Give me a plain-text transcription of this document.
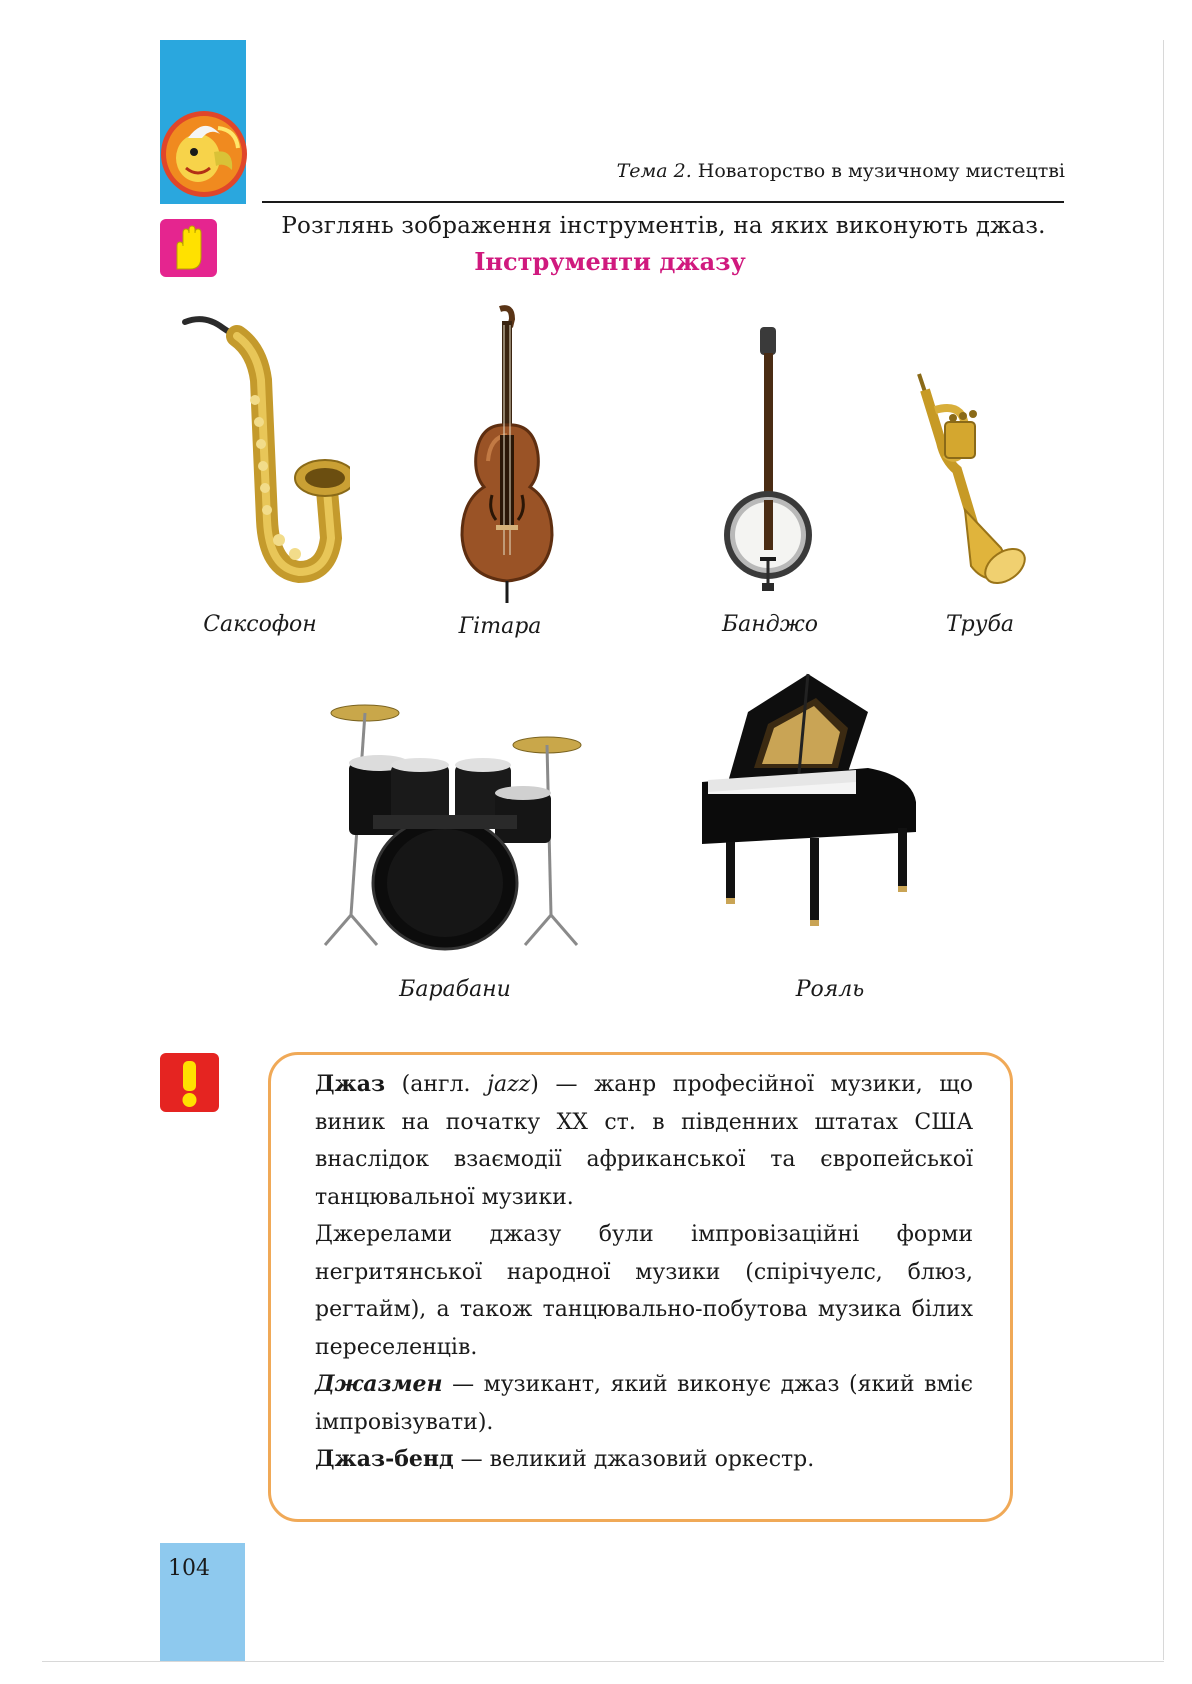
Тема 2. Новаторство в музичному мистецтві
Розглянь зображення інструментів, на яких виконують джаз.
Інструменти джазу
Саксофон	Гітара	Банджо	Труба
Барабани	Рояль

Джаз (англ. jazz) — жанр професійної музики, що виник на початку XX ст. в південних штатах США внаслідок взаємодії африканської та європейської танцювальної музики.

Джерелами джазу були імпровізаційні форми негритянської народної музики (спірічуелс, блюз, регтайм), а також танцювально-побутова музика білих переселенців.

Джазмен — музикант, який виконує джаз (який вміє імпровізувати).

Джаз-бенд — великий джазовий оркестр.

104
